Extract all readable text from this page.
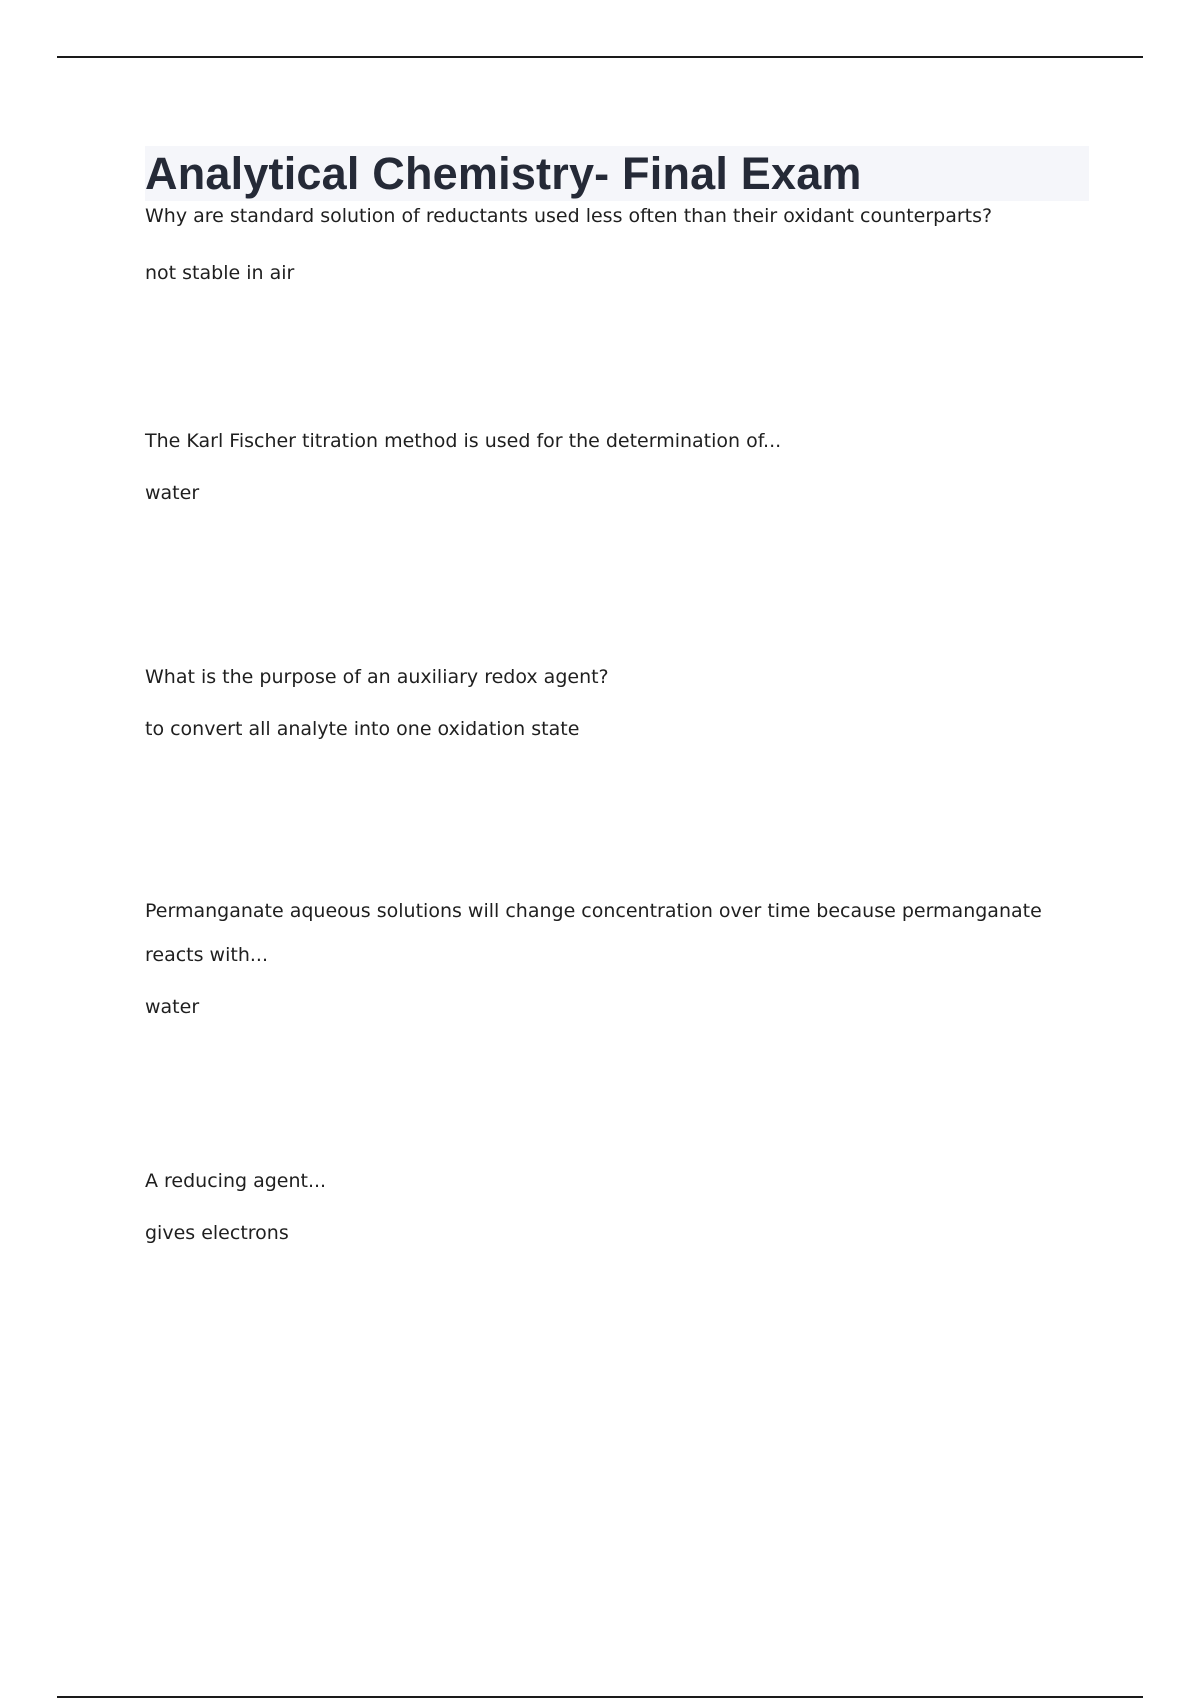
Analytical Chemistry- Final Exam

Why are standard solution of reductants used less often than their oxidant counterparts?

not stable in air

The Karl Fischer titration method is used for the determination of...

water

What is the purpose of an auxiliary redox agent?

to convert all analyte into one oxidation state

Permanganate aqueous solutions will change concentration over time because permanganate reacts with...

water

A reducing agent...

gives electrons
